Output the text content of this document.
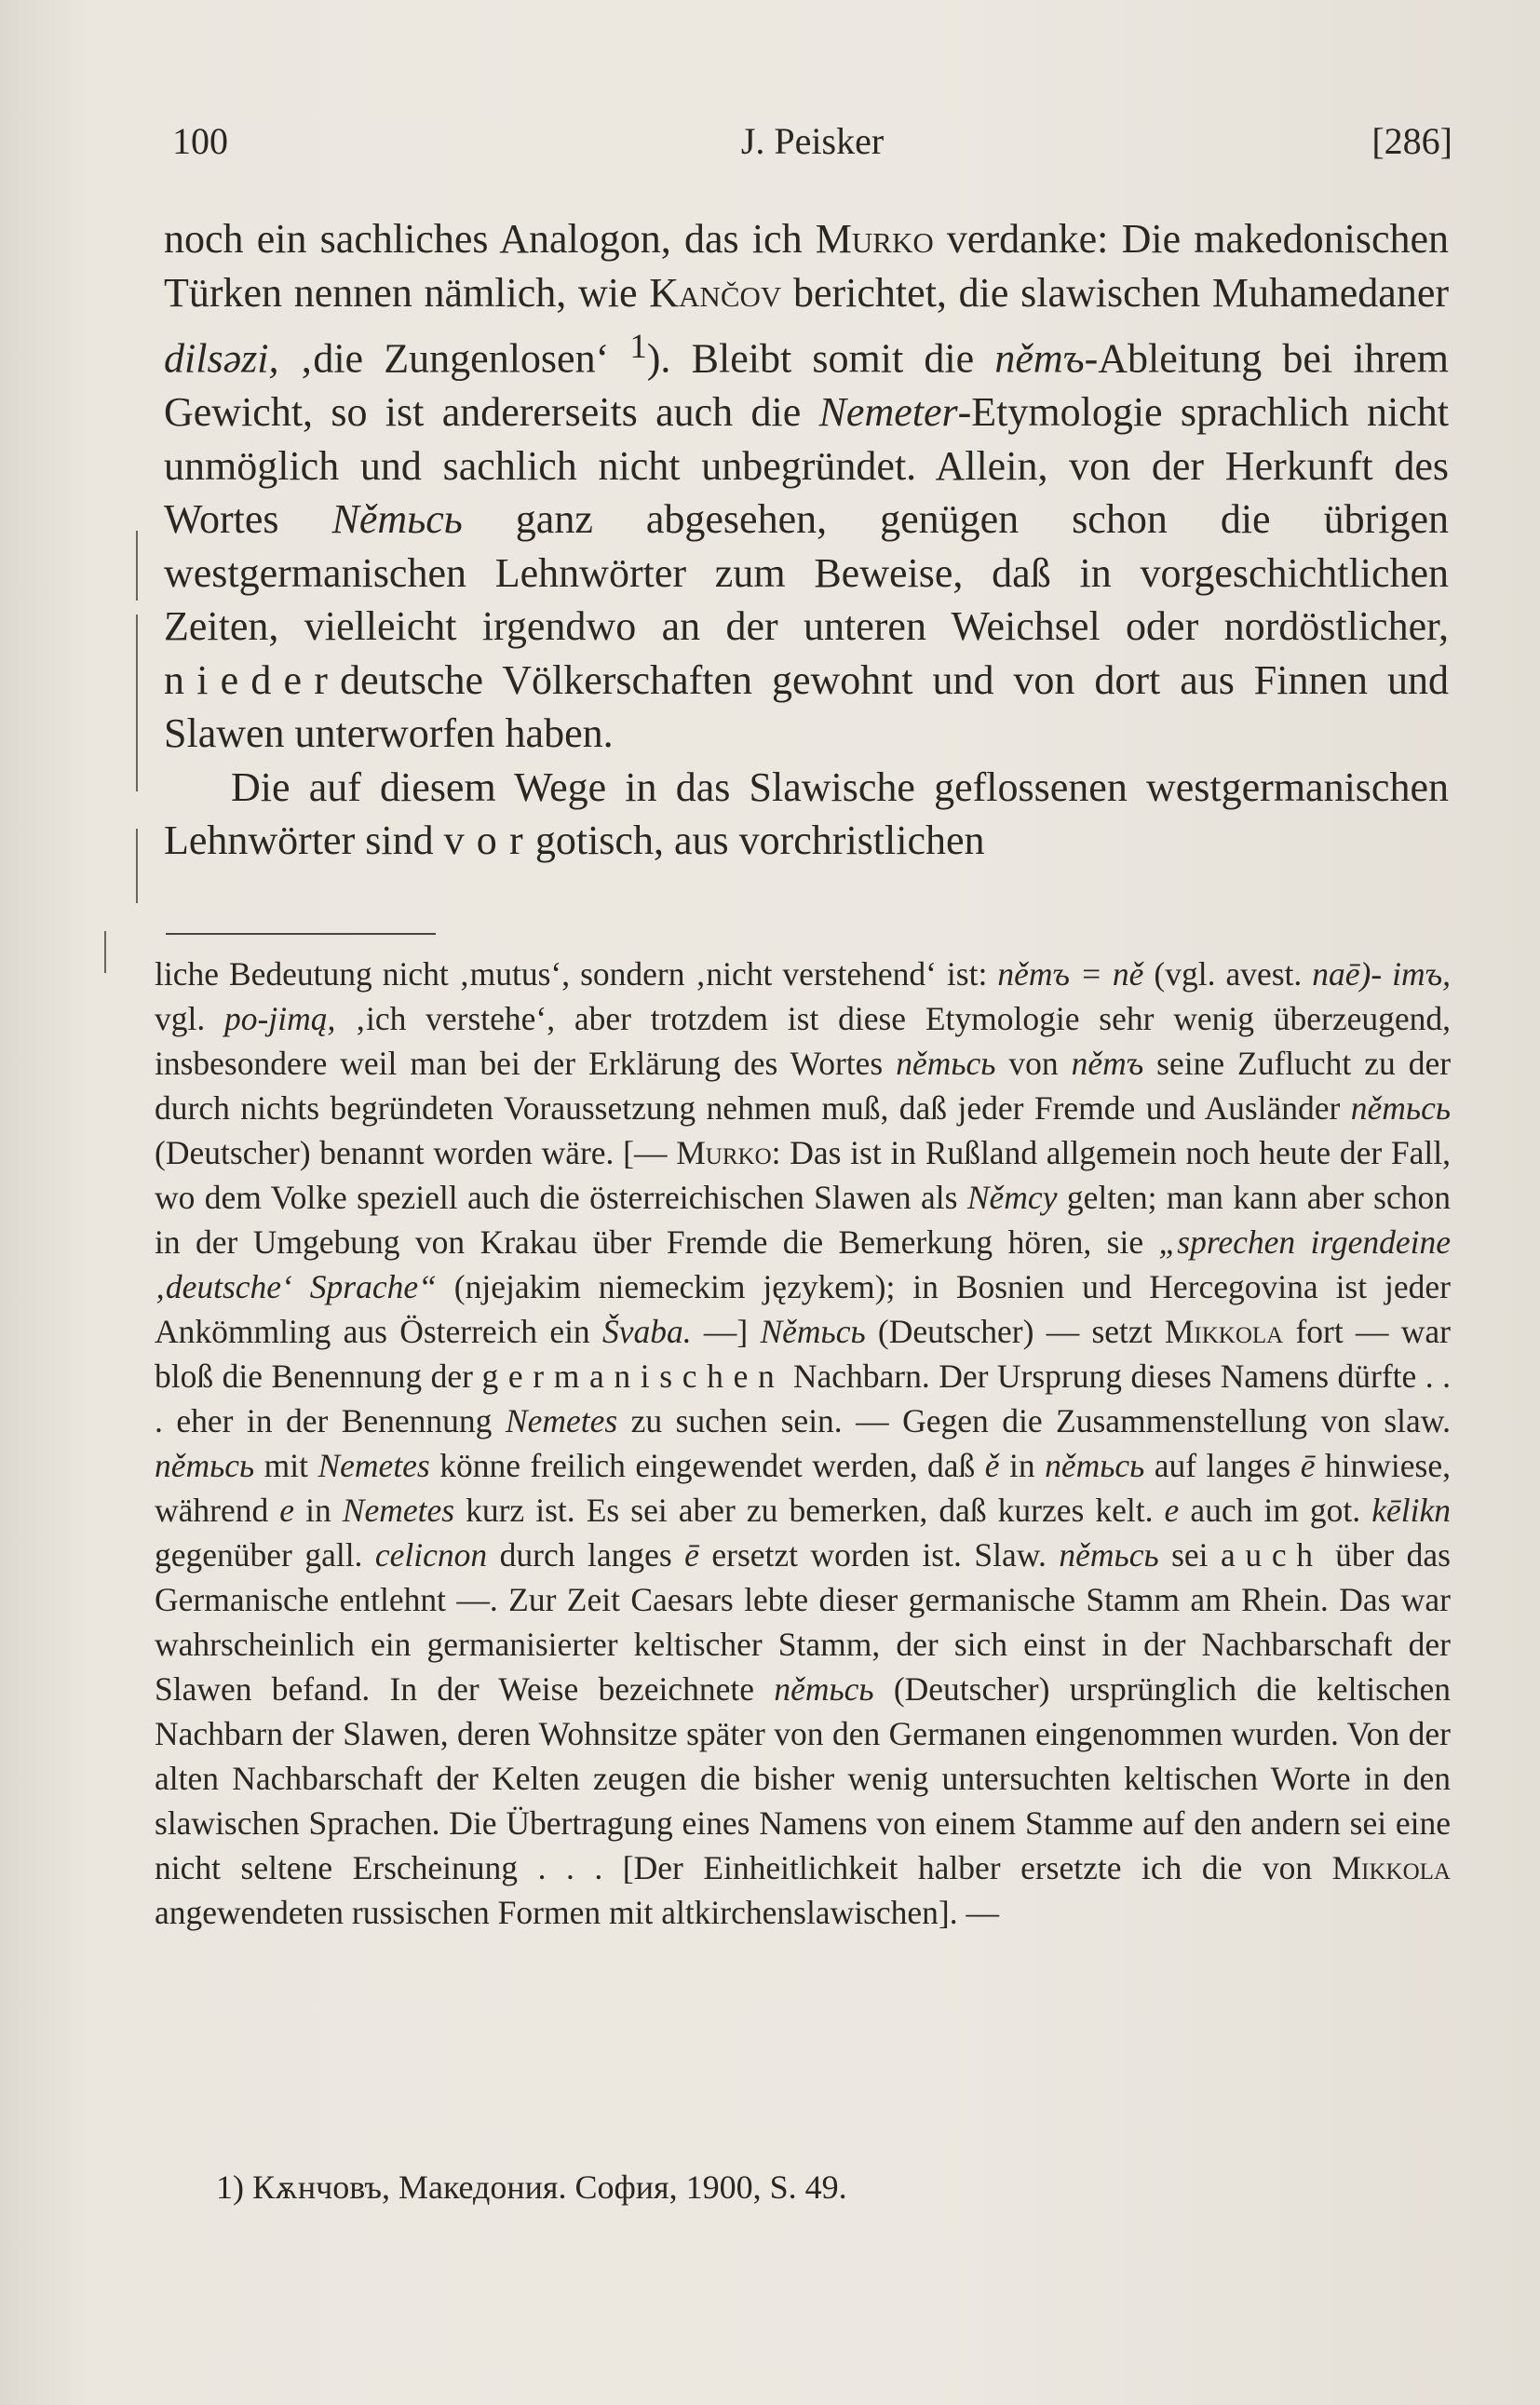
100	J. Peisker	[286]

noch ein sachliches Analogon, das ich Murko verdanke: Die makedonischen Türken nennen nämlich, wie Kančov berichtet, die slawischen Muhamedaner dilsəzi, ‚die Zungenlosen‘ $^1$). Bleibt somit die němъ-Ableitung bei ihrem Gewicht, so ist andererseits auch die Nemeter-Etymologie sprachlich nicht unmöglich und sachlich nicht unbegründet. Allein, von der Herkunft des Wortes Němьcь ganz abgesehen, genügen schon die übrigen westgermanischen Lehnwörter zum Beweise, daß in vorgeschichtlichen Zeiten, vielleicht irgendwo an der unteren Weichsel oder nordöstlicher, niederdeutsche Völkerschaften gewohnt und von dort aus Finnen und Slawen unterworfen haben.

Die auf diesem Wege in das Slawische geflossenen westgermanischen Lehnwörter sind vorgotisch, aus vorchristlichen

liche Bedeutung nicht ‚mutus‘, sondern ‚nicht verstehend‘ ist: němъ = ně (vgl. avest. naē)- imъ, vgl. po-jimą, ‚ich verstehe‘, aber trotzdem ist diese Etymologie sehr wenig überzeugend, insbesondere weil man bei der Erklärung des Wortes němьcь von němъ seine Zuflucht zu der durch nichts begründeten Voraussetzung nehmen muß, daß jeder Fremde und Ausländer němьcь (Deutscher) benannt worden wäre. [— Murko: Das ist in Rußland allgemein noch heute der Fall, wo dem Volke speziell auch die österreichischen Slawen als Němcy gelten; man kann aber schon in der Umgebung von Krakau über Fremde die Bemerkung hören, sie „sprechen irgendeine ‚deutsche‘ Sprache“ (njejakim niemeckim językem); in Bosnien und Hercegovina ist jeder Ankömmling aus Österreich ein Švaba. —] Němьcь (Deutscher) — setzt Mikkola fort — war bloß die Benennung der germanischen Nachbarn. Der Ursprung dieses Namens dürfte . . . eher in der Benennung Nemetes zu suchen sein. — Gegen die Zusammenstellung von slaw. němьcь mit Nemetes könne freilich eingewendet werden, daß ě in němьcь auf langes ē hinwiese, während e in Nemetes kurz ist. Es sei aber zu bemerken, daß kurzes kelt. e auch im got. kēlikn gegenüber gall. celicnon durch langes ē ersetzt worden ist. Slaw. němьcь sei auch über das Germanische entlehnt —. Zur Zeit Caesars lebte dieser germanische Stamm am Rhein. Das war wahrscheinlich ein germanisierter keltischer Stamm, der sich einst in der Nachbarschaft der Slawen befand. In der Weise bezeichnete němьcь (Deutscher) ursprünglich die keltischen Nachbarn der Slawen, deren Wohnsitze später von den Germanen eingenommen wurden. Von der alten Nachbarschaft der Kelten zeugen die bisher wenig untersuchten keltischen Worte in den slawischen Sprachen. Die Übertragung eines Namens von einem Stamme auf den andern sei eine nicht seltene Erscheinung . . . [Der Einheitlichkeit halber ersetzte ich die von Mikkola angewendeten russischen Formen mit altkirchenslawischen]. —

1) Кѫнчовъ, Македония. София, 1900, S. 49.
